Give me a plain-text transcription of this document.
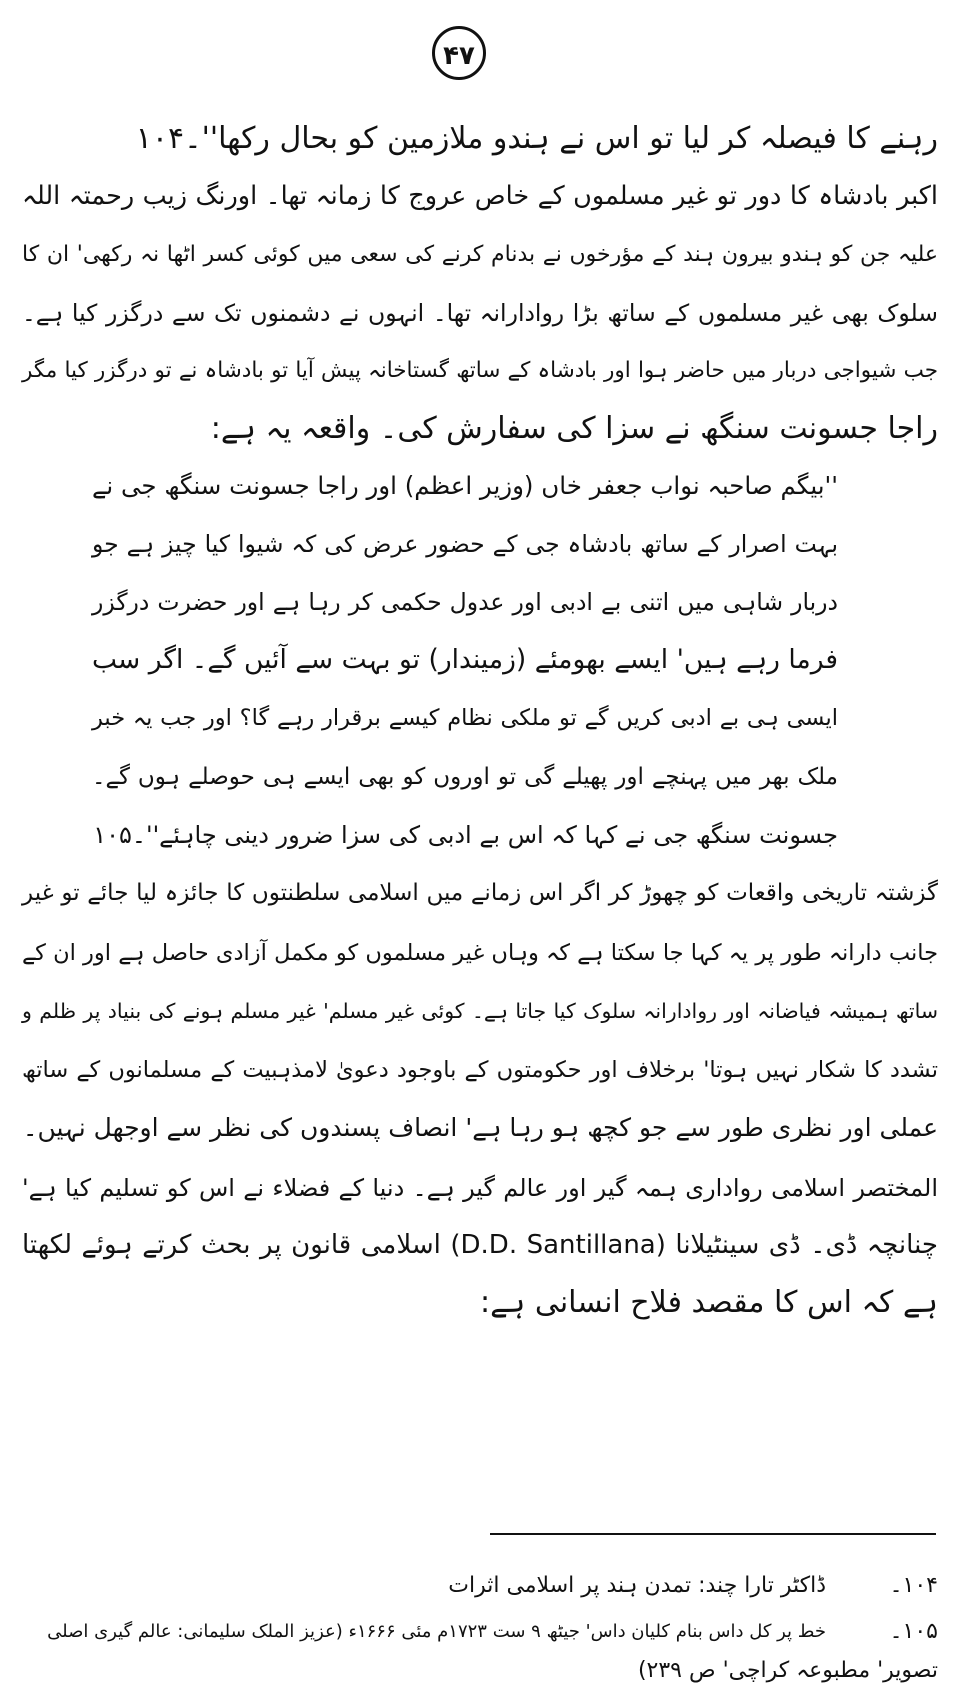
۴۷
رہنے کا فیصلہ کر لیا تو اس نے ہندو ملازمین کو بحال رکھا''۔۱۰۴
اکبر بادشاہ کا دور تو غیر مسلموں کے خاص عروج کا زمانہ تھا۔ اورنگ زیب رحمتہ اللہ
علیہ جن کو ہندو بیرون ہند کے مؤرخوں نے بدنام کرنے کی سعی میں کوئی کسر اٹھا نہ رکھی' ان کا
سلوک بھی غیر مسلموں کے ساتھ بڑا روادارانہ تھا۔ انہوں نے دشمنوں تک سے درگزر کیا ہے۔
جب شیواجی دربار میں حاضر ہوا اور بادشاہ کے ساتھ گستاخانہ پیش آیا تو بادشاہ نے تو درگزر کیا مگر
راجا جسونت سنگھ نے سزا کی سفارش کی۔ واقعہ یہ ہے:
''بیگم صاحبہ نواب جعفر خاں (وزیر اعظم) اور راجا جسونت سنگھ جی نے
بہت اصرار کے ساتھ بادشاہ جی کے حضور عرض کی کہ شیوا کیا چیز ہے جو
دربار شاہی میں اتنی بے ادبی اور عدول حکمی کر رہا ہے اور حضرت درگزر
فرما رہے ہیں' ایسے بھومئے (زمیندار) تو بہت سے آئیں گے۔ اگر سب
ایسی ہی بے ادبی کریں گے تو ملکی نظام کیسے برقرار رہے گا؟ اور جب یہ خبر
ملک بھر میں پہنچے اور پھیلے گی تو اوروں کو بھی ایسے ہی حوصلے ہوں گے۔
جسونت سنگھ جی نے کہا کہ اس بے ادبی کی سزا ضرور دینی چاہئے''۔۱۰۵
گزشتہ تاریخی واقعات کو چھوڑ کر اگر اس زمانے میں اسلامی سلطنتوں کا جائزہ لیا جائے تو غیر
جانب دارانہ طور پر یہ کہا جا سکتا ہے کہ وہاں غیر مسلموں کو مکمل آزادی حاصل ہے اور ان کے
ساتھ ہمیشہ فیاضانہ اور روادارانہ سلوک کیا جاتا ہے۔ کوئی غیر مسلم' غیر مسلم ہونے کی بنیاد پر ظلم و
تشدد کا شکار نہیں ہوتا' برخلاف اور حکومتوں کے باوجود دعویٰ لامذہبیت کے مسلمانوں کے ساتھ
عملی اور نظری طور سے جو کچھ ہو رہا ہے' انصاف پسندوں کی نظر سے اوجھل نہیں۔
المختصر اسلامی رواداری ہمہ گیر اور عالم گیر ہے۔ دنیا کے فضلاء نے اس کو تسلیم کیا ہے'
چنانچہ ڈی۔ ڈی سینٹیلانا (D.D. Santillana) اسلامی قانون پر بحث کرتے ہوئے لکھتا
ہے کہ اس کا مقصد فلاح انسانی ہے:
۱۰۴۔
ڈاکٹر تارا چند: تمدن ہند پر اسلامی اثرات
۱۰۵۔
خط پر کل داس بنام کلیان داس' جیٹھ ۹ ست ۱۷۲۳م مئی ۱۶۶۶ء (عزیز الملک سلیمانی: عالم گیری اصلی
تصویر' مطبوعہ کراچی' ص ۲۳۹)
